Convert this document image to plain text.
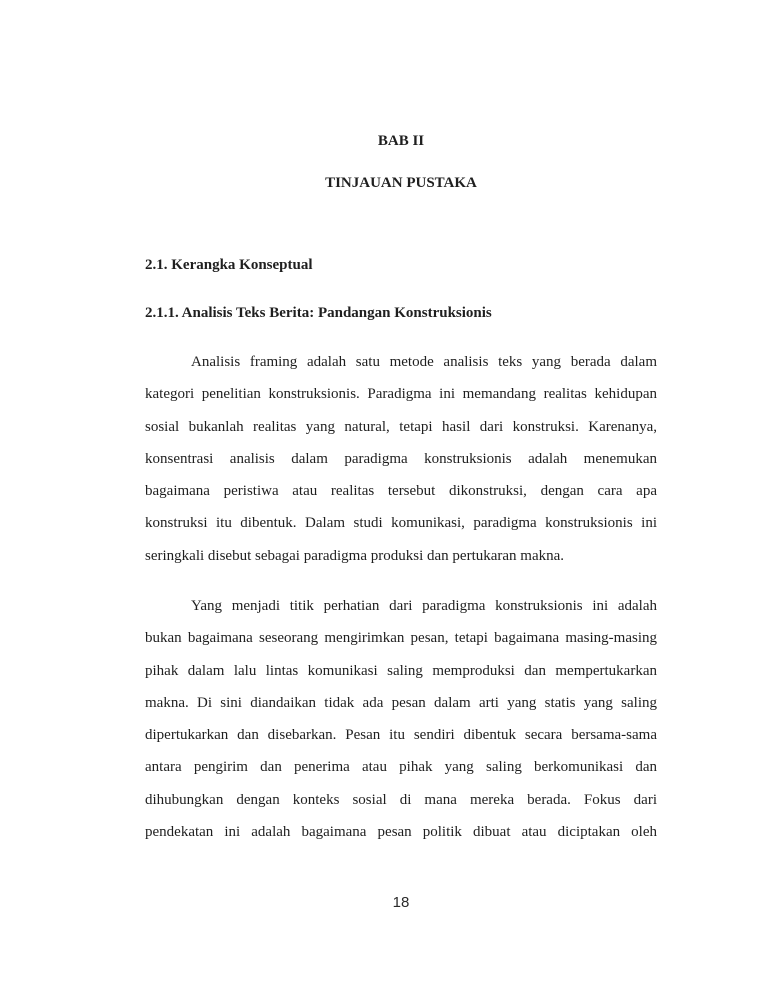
BAB II
TINJAUAN PUSTAKA
2.1. Kerangka Konseptual
2.1.1. Analisis Teks Berita: Pandangan Konstruksionis
Analisis framing adalah satu metode analisis teks yang berada dalam
kategori penelitian konstruksionis. Paradigma ini memandang realitas kehidupan
sosial bukanlah realitas yang natural, tetapi hasil dari konstruksi. Karenanya,
konsentrasi analisis dalam paradigma konstruksionis adalah menemukan
bagaimana peristiwa atau realitas tersebut dikonstruksi, dengan cara apa
konstruksi itu dibentuk. Dalam studi komunikasi, paradigma konstruksionis ini
seringkali disebut sebagai paradigma produksi dan pertukaran makna.
Yang menjadi titik perhatian dari paradigma konstruksionis ini adalah
bukan bagaimana seseorang mengirimkan pesan, tetapi bagaimana masing-masing
pihak dalam lalu lintas komunikasi saling memproduksi dan mempertukarkan
makna. Di sini diandaikan tidak ada pesan dalam arti yang statis yang saling
dipertukarkan dan disebarkan. Pesan itu sendiri dibentuk secara bersama-sama
antara pengirim dan penerima atau pihak yang saling berkomunikasi dan
dihubungkan dengan konteks sosial di mana mereka berada. Fokus dari
pendekatan ini adalah bagaimana pesan politik dibuat atau diciptakan oleh
18
